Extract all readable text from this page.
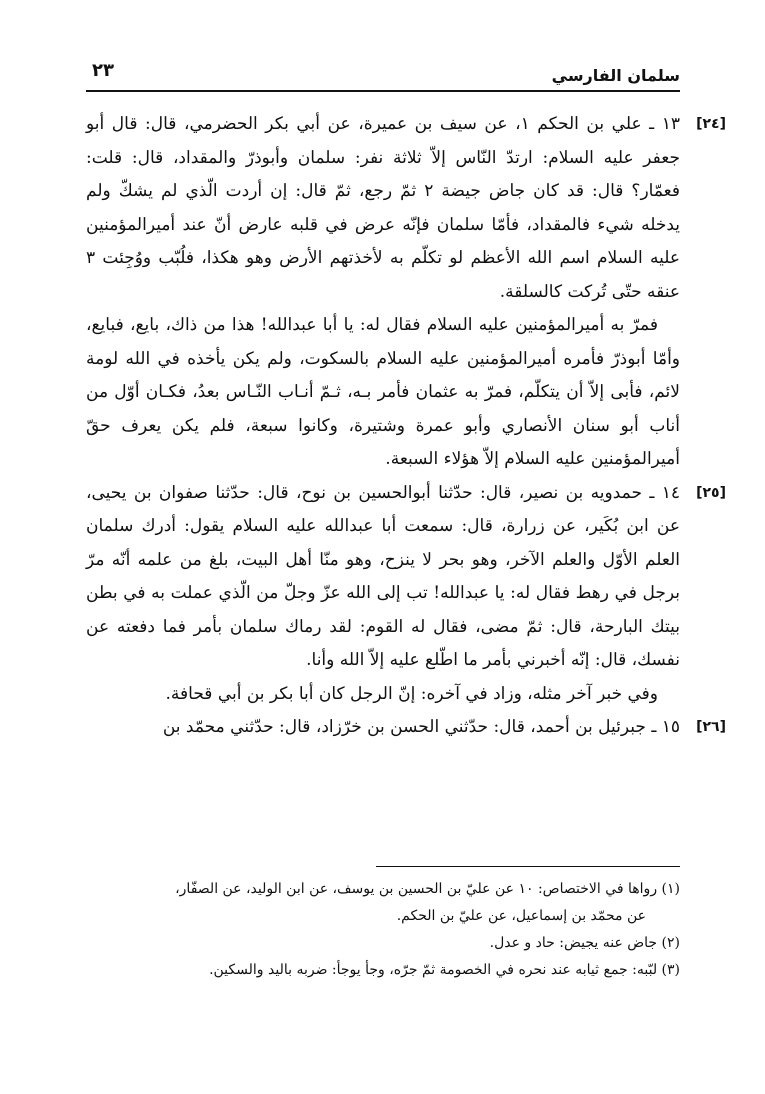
سلمان الفارسي
٢٣
[٢٤]

١٣ ـ علي بن الحكم ١، عن سيف بن عميرة، عن أبي بكر الحضرمي، قال: قال أبو جعفر عليه السلام: ارتدّ النّاس إلاّ ثلاثة نفر: سلمان وأبوذرّ والمقداد، قال: قلت: فعمّار؟ قال: قد كان جاض جيضة ٢ ثمّ رجع، ثمّ قال: إن أردت الّذي لم يشكّ ولم يدخله شيء فالمقداد، فأمّا سلمان فإنّه عرض في قلبه عارض أنّ عند أميرالمؤمنين عليه السلام اسم الله الأعظم لو تكلّم به لأخذتهم الأرض وهو هكذا، فلُبّب ووُجِئت ٣ عنقه حتّى تُركت كالسلقة.

فمرّ به أميرالمؤمنين عليه السلام فقال له: يا أبا عبدالله! هذا من ذاك، بايع، فبايع، وأمّا أبوذرّ فأمره أميرالمؤمنين عليه السلام بالسكوت، ولم يكن يأخذه في الله لومة لائم، فأبى إلاّ أن يتكلّم، فمرّ به عثمان فأمر بـه، ثـمّ أنـاب النّـاس بعدُ، فكـان أوّل من أناب أبو سنان الأنصاري وأبو عمرة وشتيرة، وكانوا سبعة، فلم يكن يعرف حقّ أميرالمؤمنين عليه السلام إلاّ هؤلاء السبعة.

[٢٥]

١٤ ـ حمدويه بن نصير، قال: حدّثنا أبوالحسين بن نوح، قال: حدّثنا صفوان بن يحيى، عن ابن بُكَير، عن زرارة، قال: سمعت أبا عبدالله عليه السلام يقول: أدرك سلمان العلم الأوّل والعلم الآخر، وهو بحر لا ينزح، وهو منّا أهل البيت، بلغ من علمه أنّه مرّ برجل في رهط فقال له: يا عبدالله! تب إلى الله عزّ وجلّ من الّذي عملت به في بطن بيتك البارحة، قال: ثمّ مضى، فقال له القوم: لقد رماك سلمان بأمر فما دفعته عن نفسك، قال: إنّه أخبرني بأمر ما اطّلع عليه إلاّ الله وأنا.

وفي خبر آخر مثله، وزاد في آخره: إنّ الرجل كان أبا بكر بن أبي قحافة.

[٢٦]

١٥ ـ جبرئيل بن أحمد، قال: حدّثني الحسن بن خرّزاد، قال: حدّثني محمّد بن

(١) رواها في الاختصاص: ١٠ عن عليّ بن الحسين بن يوسف، عن ابن الوليد، عن الصفّار،

عن محمّد بن إسماعيل، عن عليّ بن الحكم.

(٢) جاض عنه يجيض: حاد و عدل.

(٣) لبّبه: جمع ثيابه عند نحره في الخصومة ثمّ جرّه، وجأ يوجأ: ضربه باليد والسكين.
